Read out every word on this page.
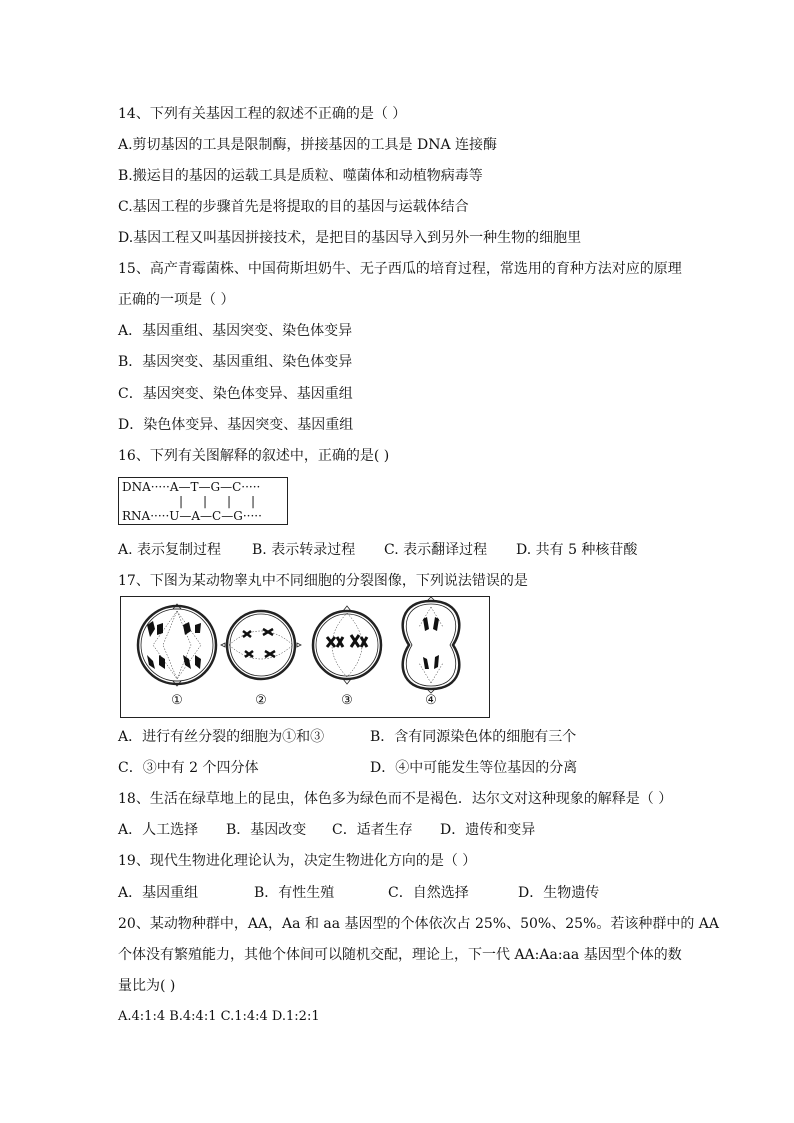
14、下列有关基因工程的叙述不正确的是（ ）
A.剪切基因的工具是限制酶，拼接基因的工具是 DNA 连接酶
B.搬运目的基因的运载工具是质粒、噬菌体和动植物病毒等
C.基因工程的步骤首先是将提取的目的基因与运载体结合
D.基因工程又叫基因拼接技术，是把目的基因导入到另外一种生物的细胞里
15、高产青霉菌株、中国荷斯坦奶牛、无子西瓜的培育过程，常选用的育种方法对应的原理
正确的一项是（ ）
A．基因重组、基因突变、染色体变异
B．基因突变、基因重组、染色体变异
C．基因突变、染色体变异、基因重组
D．染色体变异、基因突变、基因重组
16、下列有关图解释的叙述中，正确的是( )
DNA·····A—T—G—C·····
| | | |
RNA·····U—A—C—G·····
A. 表示复制过程	B. 表示转录过程	C. 表示翻译过程	D. 共有 5 种核苷酸
17、下图为某动物睾丸中不同细胞的分裂图像，下列说法错误的是
①	②	③	④
A．进行有丝分裂的细胞为①和③	B．含有同源染色体的细胞有三个
C．③中有 2 个四分体	D．④中可能发生等位基因的分离
18、生活在绿草地上的昆虫，体色多为绿色而不是褐色．达尔文对这种现象的解释是（ ）
A．人工选择	B．基因改变	C．适者生存	D．遗传和变异
19、现代生物进化理论认为，决定生物进化方向的是（ ）
A．基因重组	B．有性生殖	C．自然选择	D．生物遗传
20、某动物种群中，AA，Aa 和 aa 基因型的个体依次占 25%、50%、25%。若该种群中的 AA
个体没有繁殖能力，其他个体间可以随机交配，理论上，下一代 AA:Aa:aa 基因型个体的数
量比为( )
A.4:1:4 B.4:4:1 C.1:4:4 D.1:2:1
